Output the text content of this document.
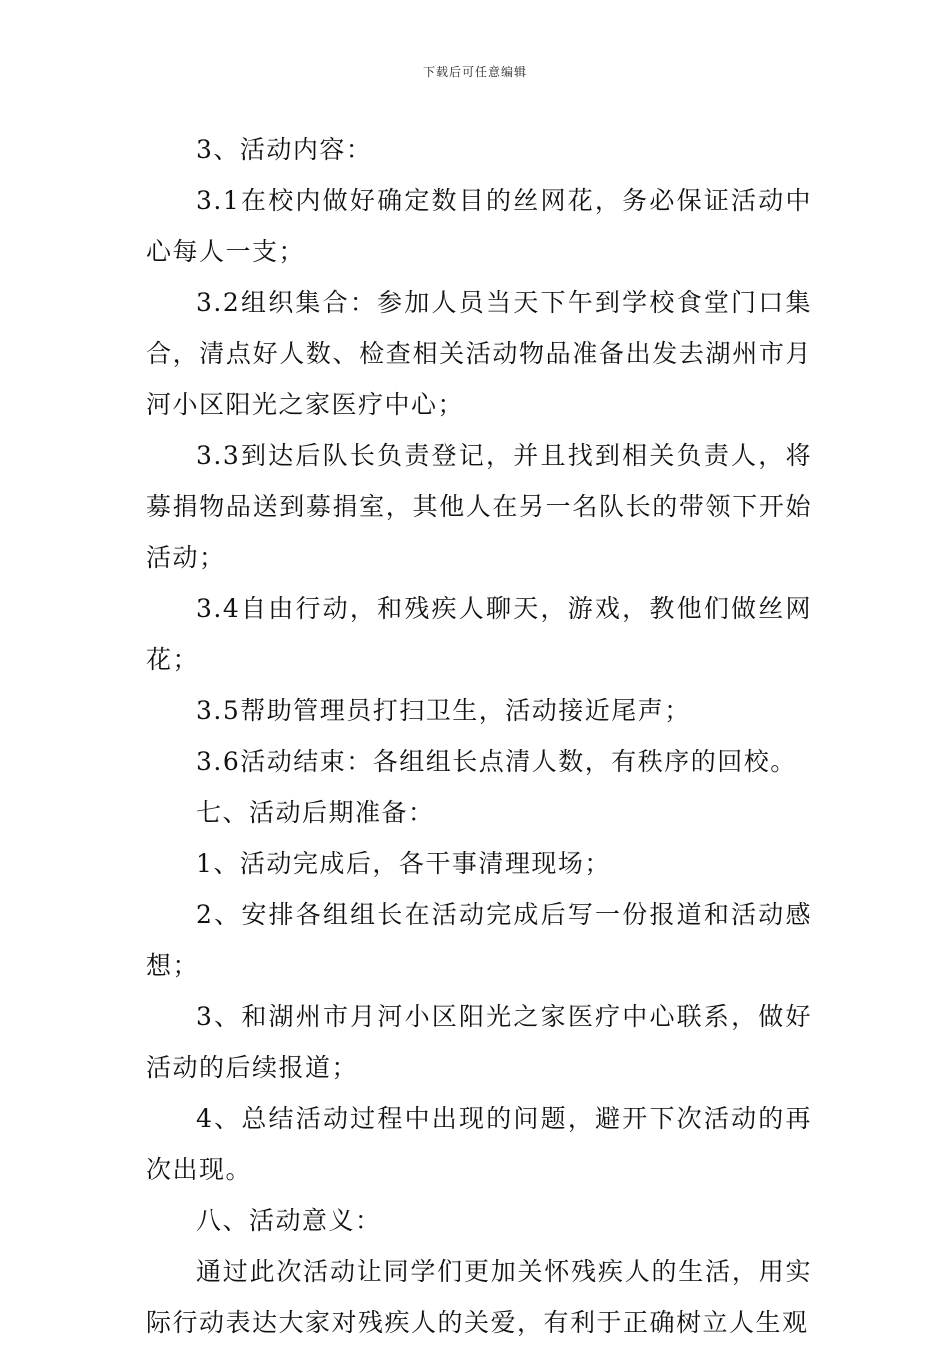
下载后可任意编辑

3、活动内容：

3.1在校内做好确定数目的丝网花，务必保证活动中心每人一支；

3.2组织集合：参加人员当天下午到学校食堂门口集合，清点好人数、检查相关活动物品准备出发去湖州市月河小区阳光之家医疗中心；

3.3到达后队长负责登记，并且找到相关负责人，将募捐物品送到募捐室，其他人在另一名队长的带领下开始活动；

3.4自由行动，和残疾人聊天，游戏，教他们做丝网花；

3.5帮助管理员打扫卫生，活动接近尾声；

3.6活动结束：各组组长点清人数，有秩序的回校。

七、活动后期准备：

1、活动完成后，各干事清理现场；

2、安排各组组长在活动完成后写一份报道和活动感想；

3、和湖州市月河小区阳光之家医疗中心联系，做好活动的后续报道；

4、总结活动过程中出现的问题，避开下次活动的再次出现。

八、活动意义：

通过此次活动让同学们更加关怀残疾人的生活，用实际行动表达大家对残疾人的关爱，有利于正确树立人生观
